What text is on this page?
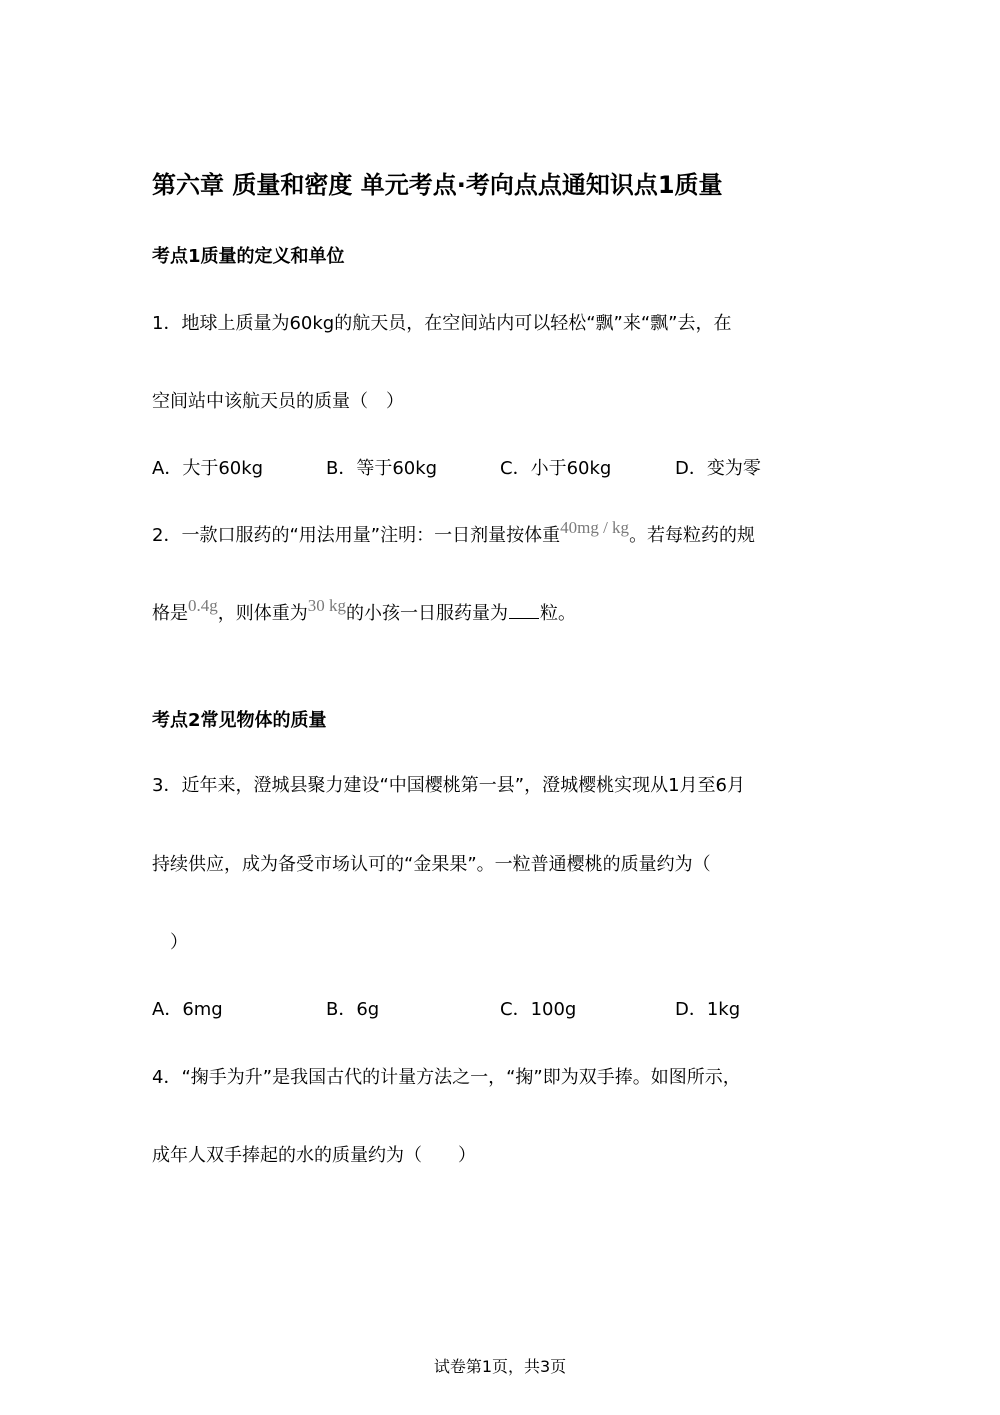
第六章 质量和密度 单元考点·考向点点通知识点1质量
考点1质量的定义和单位
1．地球上质量为60kg的航天员，在空间站内可以轻松“飘”来“飘”去，在
空间站中该航天员的质量（　）
A．大于60kg	B．等于60kg	C．小于60kg	D．变为零
2．一款口服药的“用法用量”注明：一日剂量按体重40mg / kg。若每粒药的规
格是0.4g，则体重为30 kg的小孩一日服药量为 粒。
考点2常见物体的质量
3．近年来，澄城县聚力建设“中国樱桃第一县”，澄城樱桃实现从1月至6月
持续供应，成为备受市场认可的“金果果”。一粒普通樱桃的质量约为（
　）
A．6mg	B．6g	C．100g	D．1kg
4．“掬手为升”是我国古代的计量方法之一，“掬”即为双手捧。如图所示，
成年人双手捧起的水的质量约为（　　）
试卷第1页，共3页
